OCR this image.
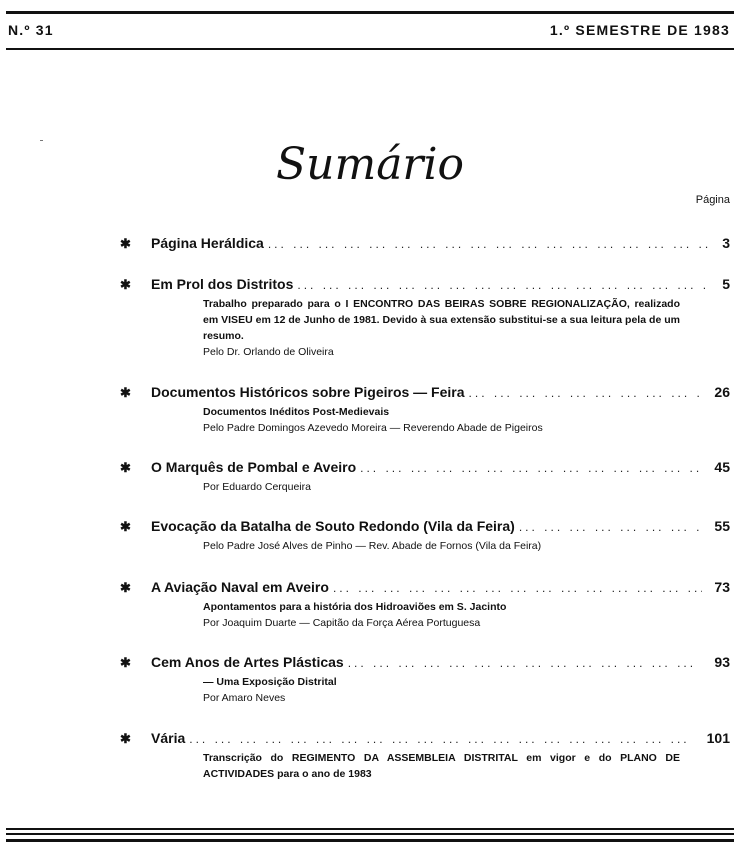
N.º 31	1.º SEMESTRE DE 1983
Sumário
Página
✱	Página Heráldica ... .	3
✱	Em Prol dos Distritos ... .	5
Trabalho preparado para o I ENCONTRO DAS BEIRAS SOBRE REGIONALIZAÇÃO, realizado em VISEU em 12 de Junho de 1981. Devido à sua extensão substitui-se a sua leitura pela de um resumo.
Pelo Dr. Orlando de Oliveira
✱	Documentos Históricos sobre Pigeiros — Feira ... .	26
Documentos Inéditos Post-Medievais
Pelo Padre Domingos Azevedo Moreira — Reverendo Abade de Pigeiros
✱	O Marquês de Pombal e Aveiro ... .	45
Por Eduardo Cerqueira
✱	Evocação da Batalha de Souto Redondo (Vila da Feira) ... .	55
Pelo Padre José Alves de Pinho — Rev. Abade de Fornos (Vila da Feira)
✱	A Aviação Naval em Aveiro ... .	73
Apontamentos para a história dos Hidroaviões em S. Jacinto
Por Joaquim Duarte — Capitão da Força Aérea Portuguesa
✱	Cem Anos de Artes Plásticas ... .	93
— Uma Exposição Distrital
Por Amaro Neves
✱	Vária ... .	101
Transcrição do REGIMENTO DA ASSEMBLEIA DISTRITAL em vigor e do PLANO DE ACTIVIDADES para o ano de 1983
